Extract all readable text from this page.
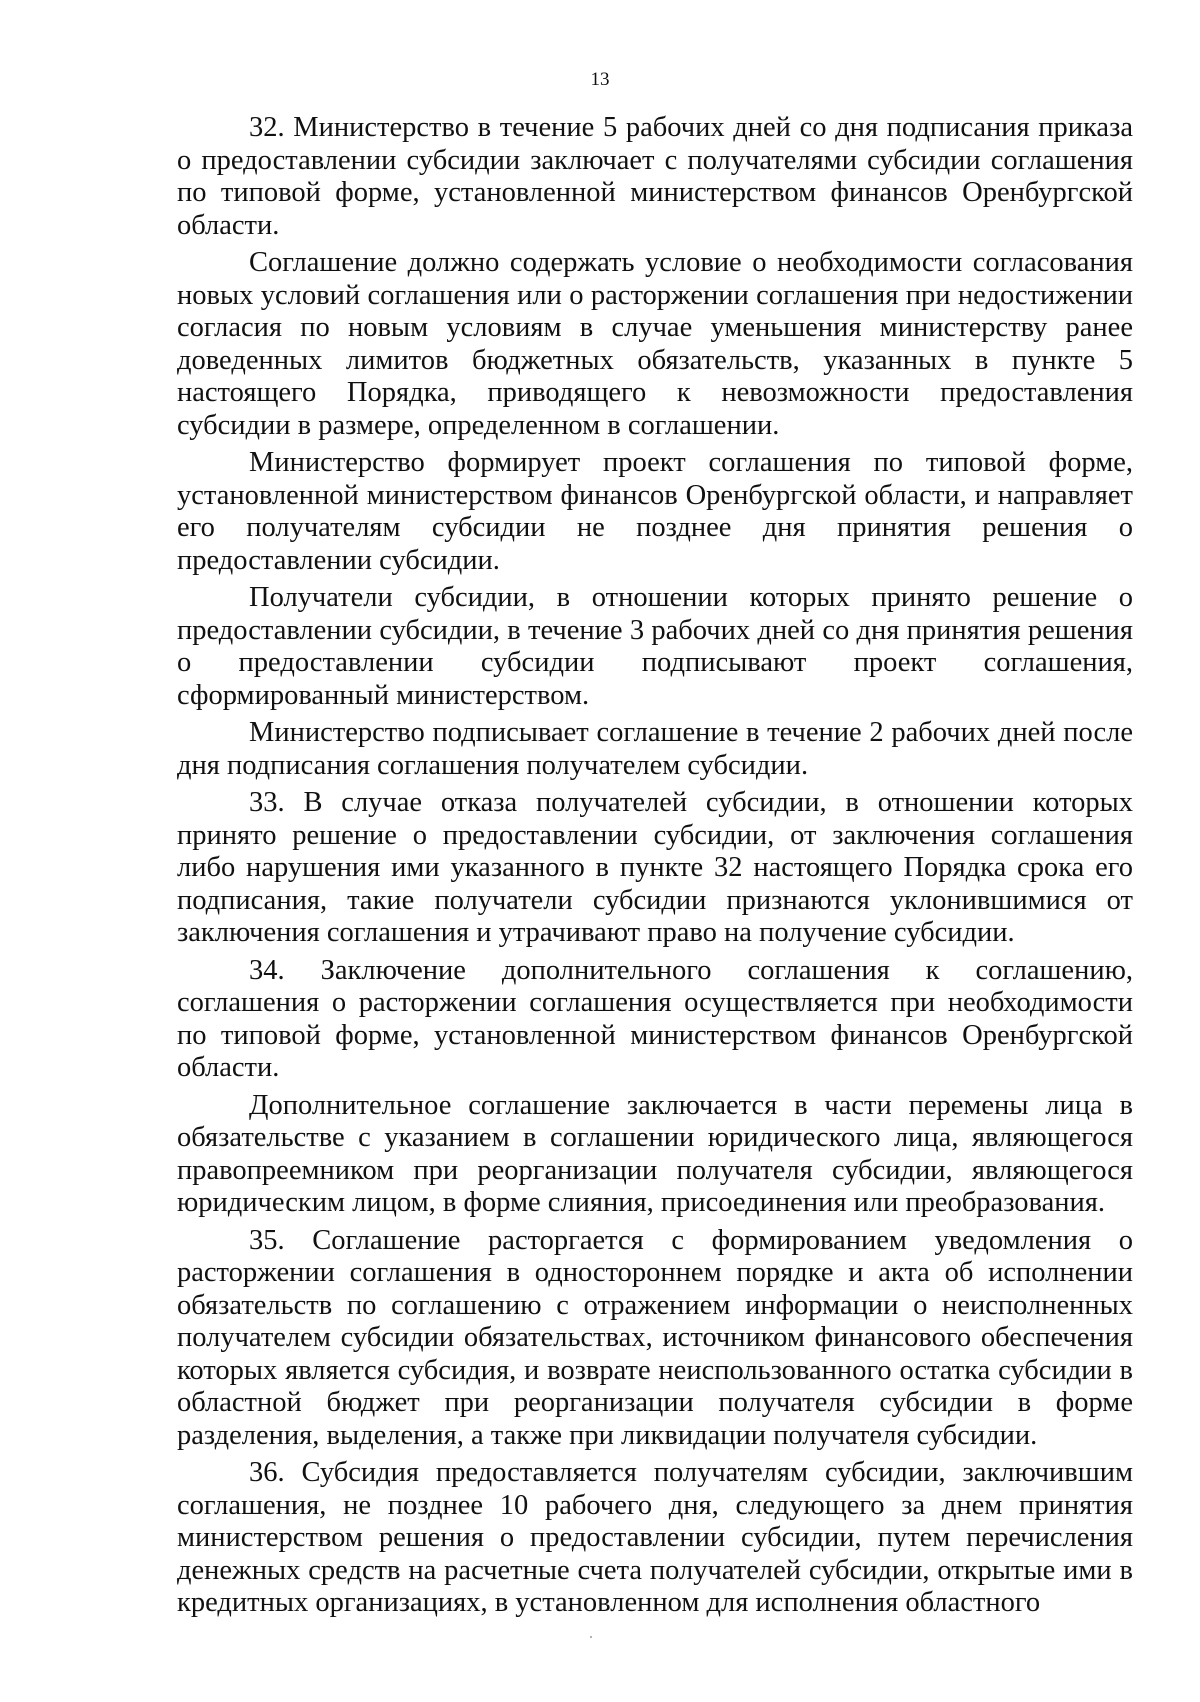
13

32. Министерство в течение 5 рабочих дней со дня подписания приказа о предоставлении субсидии заключает с получателями субсидии соглашения по типовой форме, установленной министерством финансов Оренбургской области.

Соглашение должно содержать условие о необходимости согласования новых условий соглашения или о расторжении соглашения при недостижении согласия по новым условиям в случае уменьшения министерству ранее доведенных лимитов бюджетных обязательств, указанных в пункте 5 настоящего Порядка, приводящего к невозможности предоставления субсидии в размере, определенном в соглашении.

Министерство формирует проект соглашения по типовой форме, установленной министерством финансов Оренбургской области, и направляет его получателям субсидии не позднее дня принятия решения о предоставлении субсидии.

Получатели субсидии, в отношении которых принято решение о предоставлении субсидии, в течение 3 рабочих дней со дня принятия решения о предоставлении субсидии подписывают проект соглашения, сформированный министерством.

Министерство подписывает соглашение в течение 2 рабочих дней после дня подписания соглашения получателем субсидии.

33. В случае отказа получателей субсидии, в отношении которых принято решение о предоставлении субсидии, от заключения соглашения либо нарушения ими указанного в пункте 32 настоящего Порядка срока его подписания, такие получатели субсидии признаются уклонившимися от заключения соглашения и утрачивают право на получение субсидии.

34. Заключение дополнительного соглашения к соглашению, соглашения о расторжении соглашения осуществляется при необходимости по типовой форме, установленной министерством финансов Оренбургской области.

Дополнительное соглашение заключается в части перемены лица в обязательстве с указанием в соглашении юридического лица, являющегося правопреемником при реорганизации получателя субсидии, являющегося юридическим лицом, в форме слияния, присоединения или преобразования.

35. Соглашение расторгается с формированием уведомления о расторжении соглашения в одностороннем порядке и акта об исполнении обязательств по соглашению с отражением информации о неисполненных получателем субсидии обязательствах, источником финансового обеспечения которых является субсидия, и возврате неиспользованного остатка субсидии в областной бюджет при реорганизации получателя субсидии в форме разделения, выделения, а также при ликвидации получателя субсидии.

36. Субсидия предоставляется получателям субсидии, заключившим соглашения, не позднее 10 рабочего дня, следующего за днем принятия министерством решения о предоставлении субсидии, путем перечисления денежных средств на расчетные счета получателей субсидии, открытые ими в кредитных организациях, в установленном для исполнения областного
